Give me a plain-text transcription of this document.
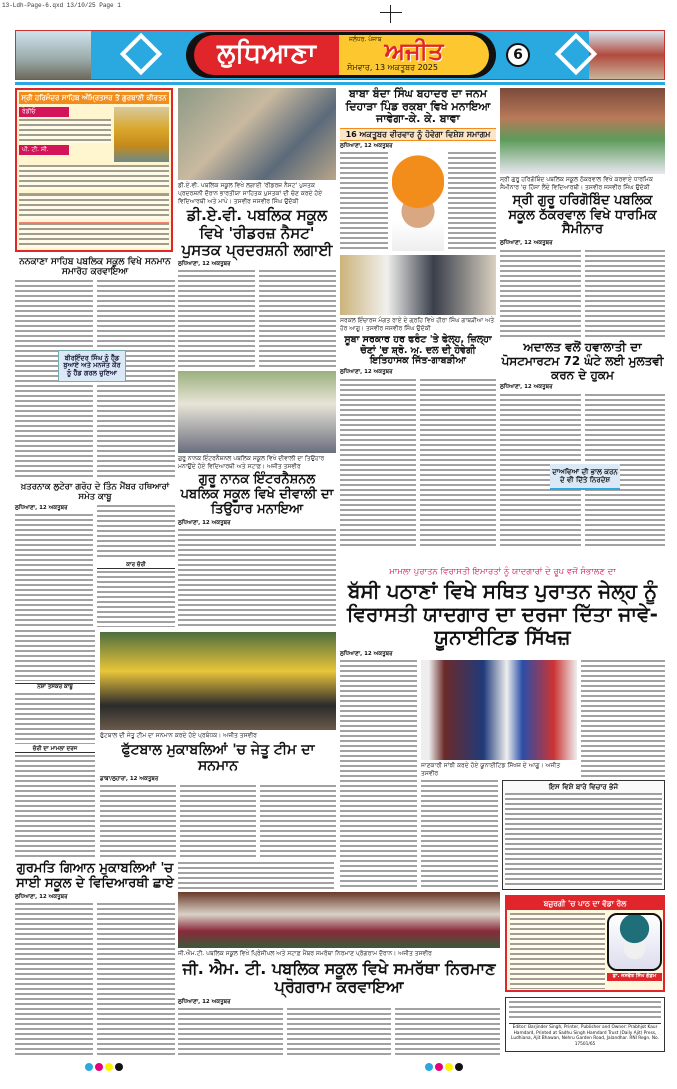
13-Ldh-Page-6.qxd 13/10/25 Page 1
ਲੁਧਿਆਣਾ	ਜਲੰਧਰ. ਪੰਜਾਬ ਅਜੀਤ
ਸੋਮਵਾਰ, 13 ਅਕਤੂਬਰ 2025
6
ਸ੍ਰੀ ਹਰਿਮੰਦਰ ਸਾਹਿਬ ਅੰਮ੍ਰਿਤਸਰ ਤੋਂ ਗੁਰਬਾਣੀ ਕੀਰਤਨ
ਰੇਡੀਓ
ਪੀ. ਟੀ. ਸੀ.
ਡੀ.ਏ.ਵੀ. ਪਬਲਿਕ ਸਕੂਲ ਵਿਖੇ ਲਗਾਈ 'ਰੀਡਰਜ਼ ਨੈਸਟ' ਪੁਸਤਕ ਪ੍ਰਦਰਸ਼ਨੀ ਦੌਰਾਨ ਭਾਰਤੀਯਾ ਸਾਹਿਤਕ ਪੁਸਤਕਾਂ ਦੀ ਚੋਣ ਕਰਦੇ ਹੋਏ ਵਿਦਿਆਰਥੀ ਅਤੇ ਮਾਪੇ। ਤਸਵੀਰ ਜਸਵੀਰ ਸਿੰਘ ਉਦੋਕੀ
ਡੀ.ਏ.ਵੀ. ਪਬਲਿਕ ਸਕੂਲ ਵਿਖੇ 'ਰੀਡਰਜ਼ ਨੈਸਟ' ਪੁਸਤਕ ਪ੍ਰਦਰਸ਼ਨੀ ਲਗਾਈ
ਲੁਧਿਆਣਾ, 12 ਅਕਤੂਬਰ
ਗੁਰੂ ਨਾਨਕ ਇੰਟਰਨੈਸ਼ਨਲ ਪਬਲਿਕ ਸਕੂਲ ਵਿਖੇ ਦੀਵਾਲੀ ਦਾ ਤਿਉਹਾਰ ਮਨਾਉਂਦੇ ਹੋਏ ਵਿਦਿਆਰਥੀ ਅਤੇ ਸਟਾਫ਼। ਅਜੀਤ ਤਸਵੀਰ
ਗੁਰੂ ਨਾਨਕ ਇੰਟਰਨੈਸ਼ਨਲ ਪਬਲਿਕ ਸਕੂਲ ਵਿਖੇ ਦੀਵਾਲੀ ਦਾ ਤਿਉਹਾਰ ਮਨਾਇਆ
ਲੁਧਿਆਣਾ, 12 ਅਕਤੂਬਰ
ਨਨਕਾਣਾ ਸਾਹਿਬ ਪਬਲਿਕ ਸਕੂਲ ਵਿਖੇ ਸਨਮਾਨ ਸਮਾਰੋਹ ਕਰਵਾਇਆ
ਬੀਰਇੰਦਰ ਸਿੰਘ ਨੂੰ ਹੈੱਡ ਬੁਆਏ ਅਤੇ ਮਨਜੋਤ ਕੌਰ ਨੂੰ ਹੈੱਡ ਗਰਲ ਚੁਣਿਆ
ਖ਼ਤਰਨਾਕ ਲੁਟੇਰਾ ਗਰੋਹ ਦੇ ਤਿੰਨ ਮੈਂਬਰ ਹਥਿਆਰਾਂ ਸਮੇਤ ਕਾਬੂ
ਲੁਧਿਆਣਾ, 12 ਅਕਤੂਬਰ
ਕਾਰ ਚੋਰੀ
ਨਸ਼ਾ ਤਸਕਰ ਕਾਬੂ
ਚੋਰੀ ਦਾ ਮਾਮਲਾ ਦਰਜ
ਬਾਬਾ ਬੰਦਾ ਸਿੰਘ ਬਹਾਦਰ ਦਾ ਜਨਮ ਦਿਹਾੜਾ ਪਿੰਡ ਰਕਬਾ ਵਿਖੇ ਮਨਾਇਆ ਜਾਵੇਗਾ-ਕੇ. ਕੇ. ਬਾਵਾ
16 ਅਕਤੂਬਰ ਵੀਰਵਾਰ ਨੂੰ ਹੋਵੇਗਾ ਵਿਸ਼ੇਸ਼ ਸਮਾਗਮ
ਲੁਧਿਆਣਾ, 12 ਅਕਤੂਬਰ
ਸਰਕਲ ਇੰਚਾਰਜ ਮੰਗਤ ਰਾਏ ਦੇ ਗ੍ਰਹਿ ਵਿਖੇ ਹੀਰਾ ਸਿੰਘ ਗਾਬੜੀਆ ਅਤੇ ਹੋਰ ਆਗੂ। ਤਸਵੀਰ ਜਸਵੀਰ ਸਿੰਘ ਉਦੋਕੀ
ਸੂਬਾ ਸਰਕਾਰ ਹਰ ਫਰੰਟ 'ਤੇ ਫੇਲ੍ਹ, ਜ਼ਿਲ੍ਹਾ ਚੋਣਾਂ 'ਚ ਸ਼੍ਰੋ. ਅ. ਦਲ ਦੀ ਹੋਵੇਗੀ ਇਤਿਹਾਸਕ ਜਿੱਤ-ਗਾਬੜੀਆ
ਲੁਧਿਆਣਾ, 12 ਅਕਤੂਬਰ
ਸ੍ਰੀ ਗੁਰੂ ਹਰਿਗੋਬਿੰਦ ਪਬਲਿਕ ਸਕੂਲ ਠੱਕਰਵਾਲ ਵਿਖੇ ਕਰਵਾਏ ਧਾਰਮਿਕ ਸੈਮੀਨਾਰ 'ਚ ਹਿੱਸਾ ਲੈਂਦੇ ਵਿਦਿਆਰਥੀ। ਤਸਵੀਰ ਜਸਵੀਰ ਸਿੰਘ ਉਦੋਕੀ
ਸ੍ਰੀ ਗੁਰੂ ਹਰਿਗੋਬਿੰਦ ਪਬਲਿਕ ਸਕੂਲ ਠੱਕਰਵਾਲ ਵਿਖੇ ਧਾਰਮਿਕ ਸੈਮੀਨਾਰ
ਲੁਧਿਆਣਾ, 12 ਅਕਤੂਬਰ
ਅਦਾਲਤ ਵਲੋਂ ਹਵਾਲਾਤੀ ਦਾ ਪੋਸਟਮਾਰਟਮ 72 ਘੰਟੇ ਲਈ ਮੁਲਤਵੀ ਕਰਨ ਦੇ ਹੁਕਮ
ਲੁਧਿਆਣਾ, 12 ਅਕਤੂਬਰ
ਦਾਅਵਿਆਂ ਦੀ ਭਾਲ ਕਰਨ ਦੇ ਵੀ ਦਿੱਤੇ ਨਿਰਦੇਸ਼
ਮਾਮਲਾ ਪੁਰਾਤਨ ਵਿਰਾਸਤੀ ਇਮਾਰਤਾਂ ਨੂੰ ਯਾਦਗਾਰਾਂ ਦੇ ਰੂਪ ਵਜੋਂ ਸੰਭਾਲਣ ਦਾ
ਬੱਸੀ ਪਠਾਣਾਂ ਵਿਖੇ ਸਥਿਤ ਪੁਰਾਤਨ ਜੇਲ੍ਹ ਨੂੰ ਵਿਰਾਸਤੀ ਯਾਦਗਾਰ ਦਾ ਦਰਜਾ ਦਿੱਤਾ ਜਾਵੇ-ਯੂਨਾਈਟਿਡ ਸਿੱਖਜ਼
ਲੁਧਿਆਣਾ, 12 ਅਕਤੂਬਰ
ਜਾਣਕਾਰੀ ਸਾਂਝੀ ਕਰਦੇ ਹੋਏ ਯੂਨਾਈਟਿਡ ਸਿੱਖਜ਼ ਦੇ ਆਗੂ। ਅਜੀਤ ਤਸਵੀਰ
ਇਸ ਵਿਸ਼ੇ ਬਾਰੇ ਵਿਚਾਰ ਭੇਜੋ
ਫੁੱਟਬਾਲ ਦੀ ਜੇਤੂ ਟੀਮ ਦਾ ਸਨਮਾਨ ਕਰਦੇ ਹੋਏ ਪ੍ਰਬੰਧਕ। ਅਜੀਤ ਤਸਵੀਰ
ਫੁੱਟਬਾਲ ਮੁਕਾਬਲਿਆਂ 'ਚ ਜੇਤੂ ਟੀਮ ਦਾ ਸਨਮਾਨ
ਡਾਬਾ/ਲੁਹਾਰਾ, 12 ਅਕਤੂਬਰ
ਗੁਰਮਤਿ ਗਿਆਨ ਮੁਕਾਬਲਿਆਂ 'ਚ ਸਾਈ ਸਕੂਲ ਦੇ ਵਿਦਿਆਰਥੀ ਛਾਏ
ਲੁਧਿਆਣਾ, 12 ਅਕਤੂਬਰ
ਜੀ.ਐਮ.ਟੀ. ਪਬਲਿਕ ਸਕੂਲ ਵਿਖੇ ਪ੍ਰਿੰਸੀਪਲ ਅਤੇ ਸਟਾਫ਼ ਮੈਂਬਰ ਸਮਰੱਥਾ ਨਿਰਮਾਣ ਪ੍ਰੋਗਰਾਮ ਦੌਰਾਨ। ਅਜੀਤ ਤਸਵੀਰ
ਜੀ. ਐਮ. ਟੀ. ਪਬਲਿਕ ਸਕੂਲ ਵਿਖੇ ਸਮਰੱਥਾ ਨਿਰਮਾਣ ਪ੍ਰੋਗਰਾਮ ਕਰਵਾਇਆ
ਲੁਧਿਆਣਾ, 12 ਅਕਤੂਬਰ
ਬਜ਼ੁਰਗੀ 'ਚ ਪਾਠ ਦਾ ਵੱਡਾ ਰੋਲ
ਡਾ. ਜਸਵੰਤ ਸਿੰਘ ਗੰਡਮ
Editor: Barjinder Singh, Printer, Publisher and Owner: Prabhjot Kaur Hamdard, Printed at Sadhu Singh Hamdard Trust (Daily Ajit) Press, Ludhiana, Ajit Bhawan, Nehru Garden Road, Jalandhar. RNI Regn. No. 17501/65
